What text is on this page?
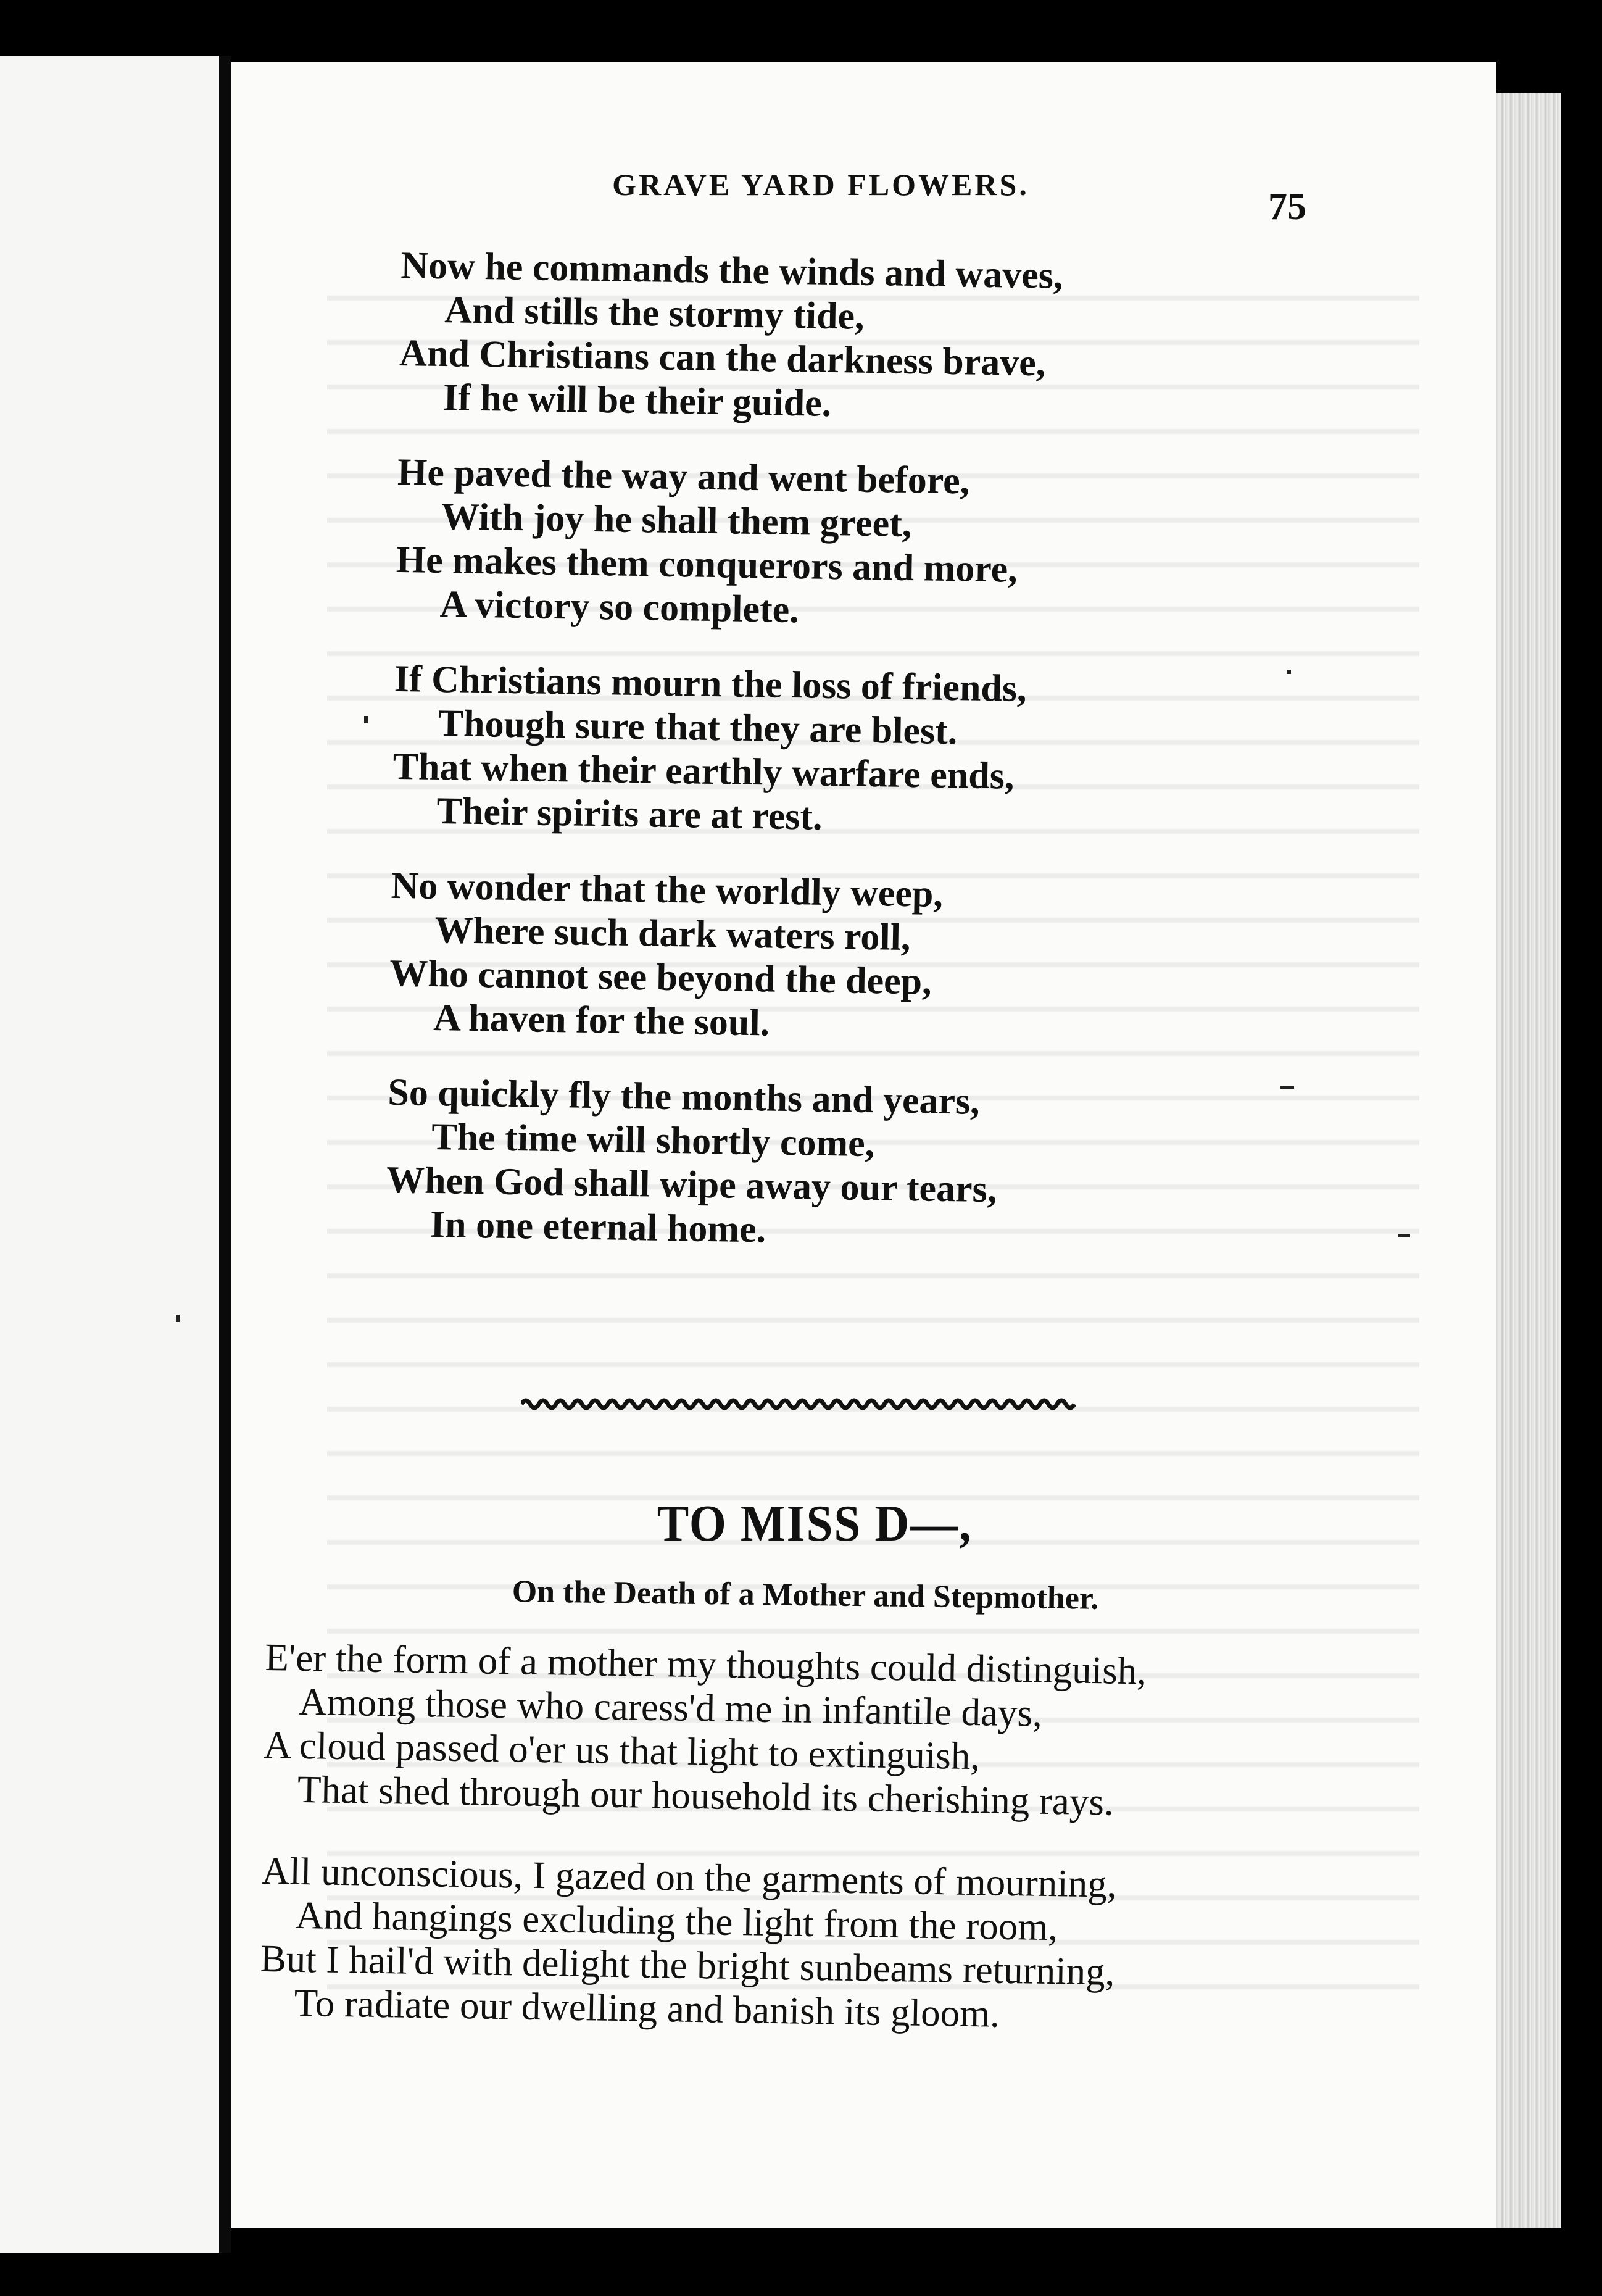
GRAVE YARD FLOWERS.
75
Now he commands the winds and waves,
And stills the stormy tide,
And Christians can the darkness brave,
If he will be their guide.
He paved the way and went before,
With joy he shall them greet,
He makes them conquerors and more,
A victory so complete.
If Christians mourn the loss of friends,
Though sure that they are blest.
That when their earthly warfare ends,
Their spirits are at rest.
No wonder that the worldly weep,
Where such dark waters roll,
Who cannot see beyond the deep,
A haven for the soul.
So quickly fly the months and years,
The time will shortly come,
When God shall wipe away our tears,
In one eternal home.
TO MISS D—,
On the Death of a Mother and Stepmother.
E'er the form of a mother my thoughts could distinguish,
Among those who caress'd me in infantile days,
A cloud passed o'er us that light to extinguish,
That shed through our household its cherishing rays.
All unconscious, I gazed on the garments of mourning,
And hangings excluding the light from the room,
But I hail'd with delight the bright sunbeams returning,
To radiate our dwelling and banish its gloom.
